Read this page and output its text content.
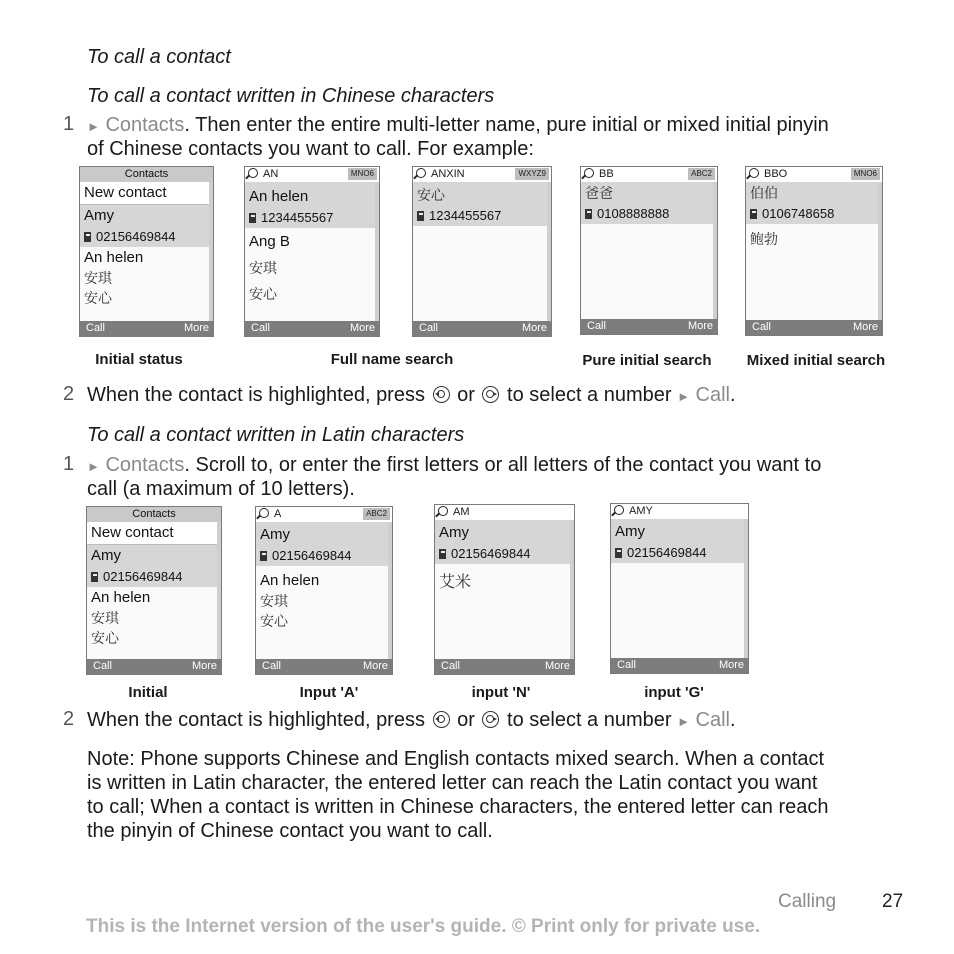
To call a contact
To call a contact written in Chinese characters
1 ► Contacts. Then enter the entire multi-letter name, pure initial or mixed initial pinyin
of Chinese contacts you want to call. For example:
Contacts
New contact
Amy
02156469844
An helen
安琪
安心
Call	More
AN	MNO6
An helen
1234455567
Ang B
安琪
安心
Call	More
ANXIN	WXYZ9
安心
1234455567
Call	More
BB	ABC2
爸爸
0108888888
Call	More
BBO	MNO6
伯伯
0106748658
鲍勃
Call	More
Initial status	Full name search	Pure initial search	Mixed initial search
2 When the contact is highlighted, press or to select a number ► Call.
To call a contact written in Latin characters
1 ► Contacts. Scroll to, or enter the first letters or all letters of the contact you want to
call (a maximum of 10 letters).
Contacts
New contact
Amy
02156469844
An helen
安琪
安心
Call	More
A	ABC2
Amy
02156469844
An helen
安琪
安心
Call	More
AM
Amy
02156469844
艾米
Call	More
AMY
Amy
02156469844
Call	More
Initial	Input 'A'	input 'N'	input 'G'
2 When the contact is highlighted, press or to select a number ► Call.
Note: Phone supports Chinese and English contacts mixed search. When a contact
is written in Latin character, the entered letter can reach the Latin contact you want
to call; When a contact is written in Chinese characters, the entered letter can reach
the pinyin of Chinese contact you want to call.
Calling 27
This is the Internet version of the user's guide. © Print only for private use.
